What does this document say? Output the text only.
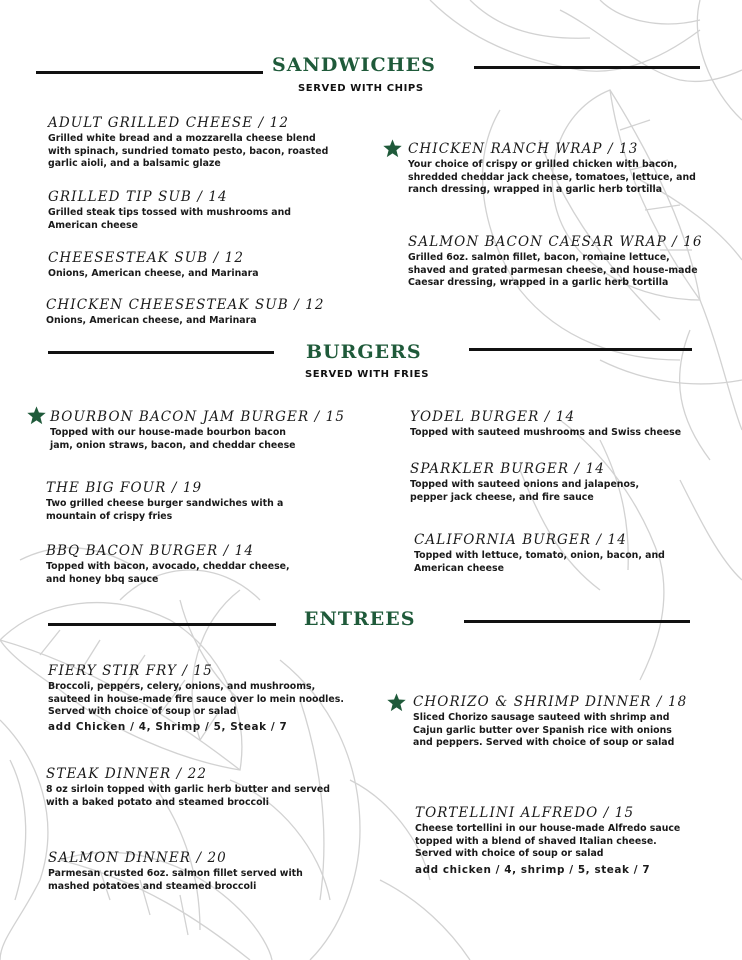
SANDWICHES
SERVED WITH CHIPS
ADULT GRILLED CHEESE / 12
Grilled white bread and a mozzarella cheese blend with spinach, sundried tomato pesto, bacon, roasted garlic aioli, and a balsamic glaze
GRILLED TIP SUB / 14
Grilled steak tips tossed with mushrooms and American cheese
CHEESESTEAK SUB / 12
Onions, American cheese, and Marinara
CHICKEN CHEESESTEAK SUB / 12
Onions, American cheese, and Marinara
CHICKEN RANCH WRAP / 13
Your choice of crispy or grilled chicken with bacon, shredded cheddar jack cheese, tomatoes, lettuce, and ranch dressing, wrapped in a garlic herb tortilla
SALMON BACON CAESAR WRAP / 16
Grilled 6oz. salmon fillet, bacon, romaine lettuce, shaved and grated parmesan cheese, and house-made Caesar dressing, wrapped in a garlic herb tortilla
BURGERS
SERVED WITH FRIES
BOURBON BACON JAM BURGER / 15
Topped with our house-made bourbon bacon jam, onion straws, bacon, and cheddar cheese
THE BIG FOUR / 19
Two grilled cheese burger sandwiches with a mountain of crispy fries
BBQ BACON BURGER / 14
Topped with bacon, avocado, cheddar cheese, and honey bbq sauce
YODEL BURGER / 14
Topped with sauteed mushrooms and Swiss cheese
SPARKLER BURGER / 14
Topped with sauteed onions and jalapenos, pepper jack cheese, and fire sauce
CALIFORNIA BURGER / 14
Topped with lettuce, tomato, onion, bacon, and American cheese
ENTREES
FIERY STIR FRY / 15
Broccoli, peppers, celery, onions, and mushrooms, sauteed in house-made fire sauce over lo mein noodles. Served with choice of soup or salad
add Chicken / 4, Shrimp / 5, Steak / 7
STEAK DINNER / 22
8 oz sirloin topped with garlic herb butter and served with a baked potato and steamed broccoli
SALMON DINNER / 20
Parmesan crusted 6oz. salmon fillet served with mashed potatoes and steamed broccoli
CHORIZO & SHRIMP DINNER / 18
Sliced Chorizo sausage sauteed with shrimp and Cajun garlic butter over Spanish rice with onions and peppers. Served with choice of soup or salad
TORTELLINI ALFREDO / 15
Cheese tortellini in our house-made Alfredo sauce topped with a blend of shaved Italian cheese. Served with choice of soup or salad
add chicken / 4, shrimp / 5, steak / 7
